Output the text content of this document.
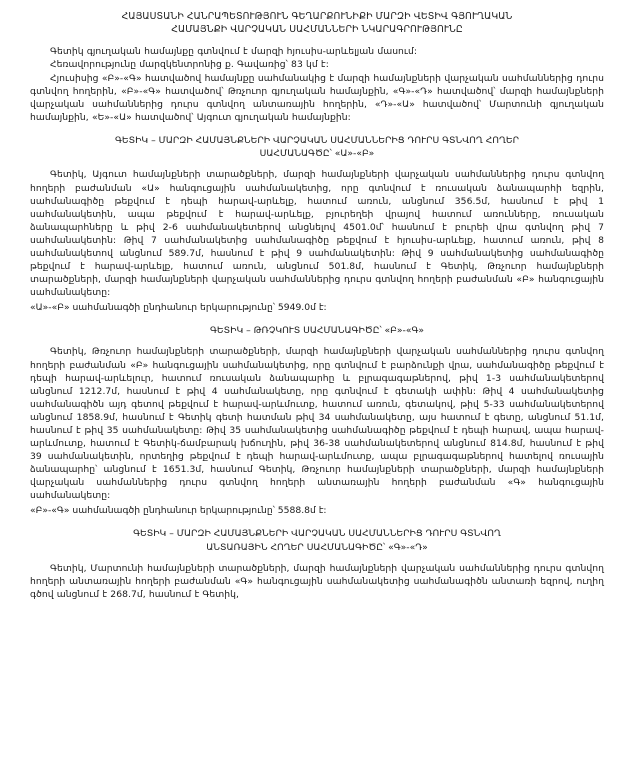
ՀԱՅԱՍՏԱՆԻ ՀԱՆՐԱՊԵՏՈՒԹՅՈՒՆ ԳԵՂԱՐՔՈՒՆԻՔԻ ՄԱՐԶԻ ՎԵՏԻՎ ԳՅՈՒՂԱԿԱՆ
ՀԱՄԱՅՆՔԻ ՎԱՐՉԱԿԱՆ ՍԱՀՄԱՆՆԵՐԻ ՆԿԱՐԱԳՐՈՒԹՅՈՒՆԸ

Գետիկ գյուղական համայնքը գտնվում է մարզի հյուսիս-արևելյան մասում:

Հեռավորությունը մարզկենտրոնից ք. Գավառից՝ 83 կմ է:

Հյուսիսից «Բ»-«Գ» հատվածով համայնքը սահմանակից է մարզի համայնքների վարչական սահմաններից դուրս գտնվող հողերին, «Բ»-«Գ» հատվածով՝ Թռչուոր գյուղական համայնքին, «Գ»-«Դ» հատվածով՝ մարզի համայնքների վարչական սահմաններից դուրս գտնվող անտառային հողերին, «Դ»-«Ա» հատվածով՝ Մարտունի գյուղական համայնքին, «Ե»-«Ա» հատվածով՝ Այգուտ գյուղական համայնքին:

ԳԵՏԻԿ – ՄԱՐԶԻ ՀԱՄԱՅՆՔՆԵՐԻ ՎԱՐՉԱԿԱՆ ՍԱՀՄԱՆՆԵՐԻՑ ԴՈՒՐՍ ԳՏՆՎՈՂ ՀՈՂԵՐ
ՍԱՀՄԱՆԱԳԾԸ՝ «Ա»-«Բ»

Գետիկ, Այգուտ համայնքների տարածքների, մարզի համայնքների վարչական սահմաններից դուրս գտնվող հողերի բաժանման «Ա» հանգուցային սահմանակետից, որը գտնվում է ռուսական ձանապարհի եզրին, սահմանագիծը թեքվում է դեպի հարավ-արևելք, հատում առուն, անցնում 356.5մ, հասնում է թիվ 1 սահմանակետին, ապա թեքվում է հարավ-արևելք, բյուրեղեի վրայով հատում առունները, ռուսական ձանապարհները և թիվ 2-6 սահմանակետերով անցնելով 4501.0մ՝ հասնում է բուրեի վրա գտնվող թիվ 7 սահմանակետին: Թիվ 7 սահմանակետից սահմանագիծը թեքվում է հյուսիս-արևելք, հատում առուն, թիվ 8 սահմանակետով անցնում 589.7մ, հասնում է թիվ 9 սահմանակետին: Թիվ 9 սահմանակետից սահմանագիծը թեքվում է հարավ-արևելք, հատում առուն, անցնում 501.8մ, հասնում է Գետիկ, Թռչուոր համայնքների տարածքների, մարզի համայնքների վարչական սահմաններից դուրս գտնվող հողերի բաժանման «Բ» հանգուցային սահմանակետը:

«Ա»-«Բ» սահմանագծի ընդհանուր երկարությունը՝ 5949.0մ է:

ԳԵՏԻԿ – ԹՌՉԿՈՒՏ ՍԱՀՄԱՆԱԳԻԾԸ՝ «Բ»-«Գ»

Գետիկ, Թռչուոր համայնքների տարածքների, մարզի համայնքների վարչական սահմաններից դուրս գտնվող հողերի բաժանման «Բ» հանգուցային սահմանակետից, որը գտնվում է բարձունքի վրա, սահմանագիծը թեքվում է դեպի հարավ-արևելուր, հատում ռուսական ձանապարհը և բլրագագաթներով, թիվ 1-3 սահմանակետերով անցնում 1212.7մ, հասնում է թիվ 4 սահմանակետը, որը գտնվում է գետակի ափին: Թիվ 4 սահմանակետից սահմանագիծն այդ գետով թեքվում է հարավ-արևմուտք, հատում առուն, գետակով, թիվ 5-33 սահմանակետերով անցնում 1858.9մ, հասնում է Գետիկ գետի հատման թիվ 34 սահմանակետը, այս հատում է գետը, անցնում 51.1մ, հասնում է թիվ 35 սահմանակետը: Թիվ 35 սահմանակետից սահմանագիծը թեքվում է դեպի հարավ, ապա հարավ-արևմուտք, հատում է Գետիկ-ճամբարակ խճուղին, թիվ 36-38 սահմանակետերով անցնում 814.8մ, հասնում է թիվ 39 սահմանակետին, որտեղից թեքվում է դեպի հարավ-արևմուտք, ապա բլրագագաթներով հատելով ռուսային ձանապարհը՝ անցնում է 1651.3մ, հասնում Գետիկ, Թռչուոր համայնքների տարածքների, մարզի համայնքների վարչական սահմաններից դուրս գտնվող հողերի անտառային հողերի բաժանման «Գ» հանգուցային սահմանակետը:

«Բ»-«Գ» սահմանագծի ընդհանուր երկարությունը՝ 5588.8մ է:

ԳԵՏԻԿ – ՄԱՐԶԻ ՀԱՄԱՅՆՔՆԵՐԻ ՎԱՐՉԱԿԱՆ ՍԱՀՄԱՆՆԵՐԻՑ ԴՈՒՐՍ ԳՏՆՎՈՂ
ԱՆՏԱՌԱՅԻՆ ՀՈՂԵՐ ՍԱՀՄԱՆԱԳԻԾԸ՝ «Գ»-«Դ»

Գետիկ, Մարտունի համայնքների տարածքների, մարզի համայնքների վարչական սահմաններից դուրս գտնվող հողերի անտառային հողերի բաժանման «Գ» հանգուցային սահմանակետից սահմանագիծն անտառի եզրով, ուղիղ գծով անցնում է 268.7մ, հասնում է Գետիկ,
